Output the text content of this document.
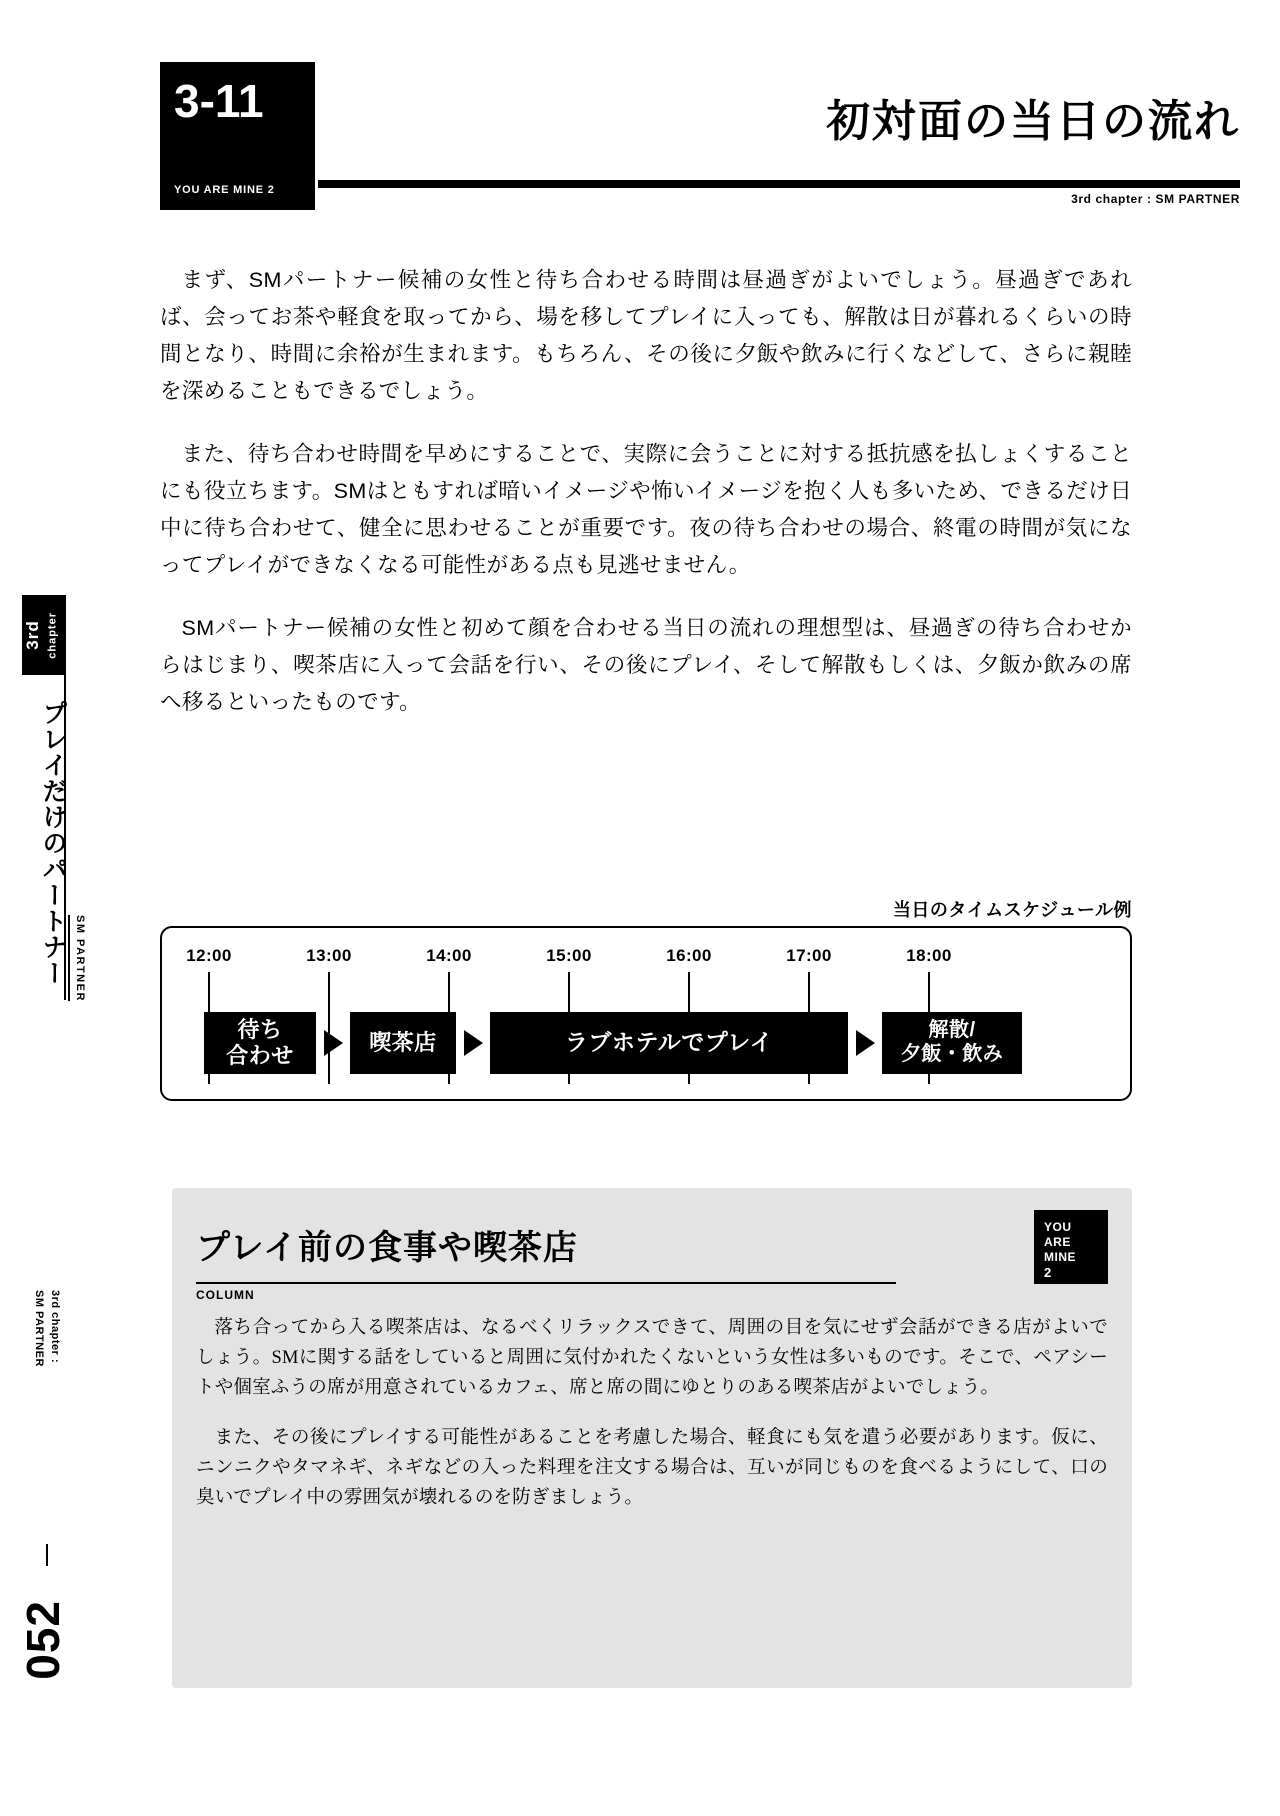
3rd chapter
プレイだけのパートナー SM PARTNER
3rd chapter :
SM PARTNER
052
3-11
YOU ARE MINE 2
初対面の当日の流れ
3rd chapter : SM PARTNER

まず、SMパートナー候補の女性と待ち合わせる時間は昼過ぎがよいでしょう。昼過ぎであれば、会ってお茶や軽食を取ってから、場を移してプレイに入っても、解散は日が暮れるくらいの時間となり、時間に余裕が生まれます。もちろん、その後に夕飯や飲みに行くなどして、さらに親睦を深めることもできるでしょう。

また、待ち合わせ時間を早めにすることで、実際に会うことに対する抵抗感を払しょくすることにも役立ちます。SMはともすれば暗いイメージや怖いイメージを抱く人も多いため、できるだけ日中に待ち合わせて、健全に思わせることが重要です。夜の待ち合わせの場合、終電の時間が気になってプレイができなくなる可能性がある点も見逃せません。

SMパートナー候補の女性と初めて顔を合わせる当日の流れの理想型は、昼過ぎの待ち合わせからはじまり、喫茶店に入って会話を行い、その後にプレイ、そして解散もしくは、夕飯か飲みの席へ移るといったものです。

当日のタイムスケジュール例
12:00	13:00	14:00	15:00	16:00	17:00	18:00
待ち
合わせ
喫茶店	ラブホテルでプレイ	解散/
夕飯・飲み
プレイ前の食事や喫茶店
COLUMN
YOU
ARE
MINE
2

落ち合ってから入る喫茶店は、なるべくリラックスできて、周囲の目を気にせず会話ができる店がよいでしょう。SMに関する話をしていると周囲に気付かれたくないという女性は多いものです。そこで、ペアシートや個室ふうの席が用意されているカフェ、席と席の間にゆとりのある喫茶店がよいでしょう。

また、その後にプレイする可能性があることを考慮した場合、軽食にも気を遣う必要があります。仮に、ニンニクやタマネギ、ネギなどの入った料理を注文する場合は、互いが同じものを食べるようにして、口の臭いでプレイ中の雰囲気が壊れるのを防ぎましょう。
